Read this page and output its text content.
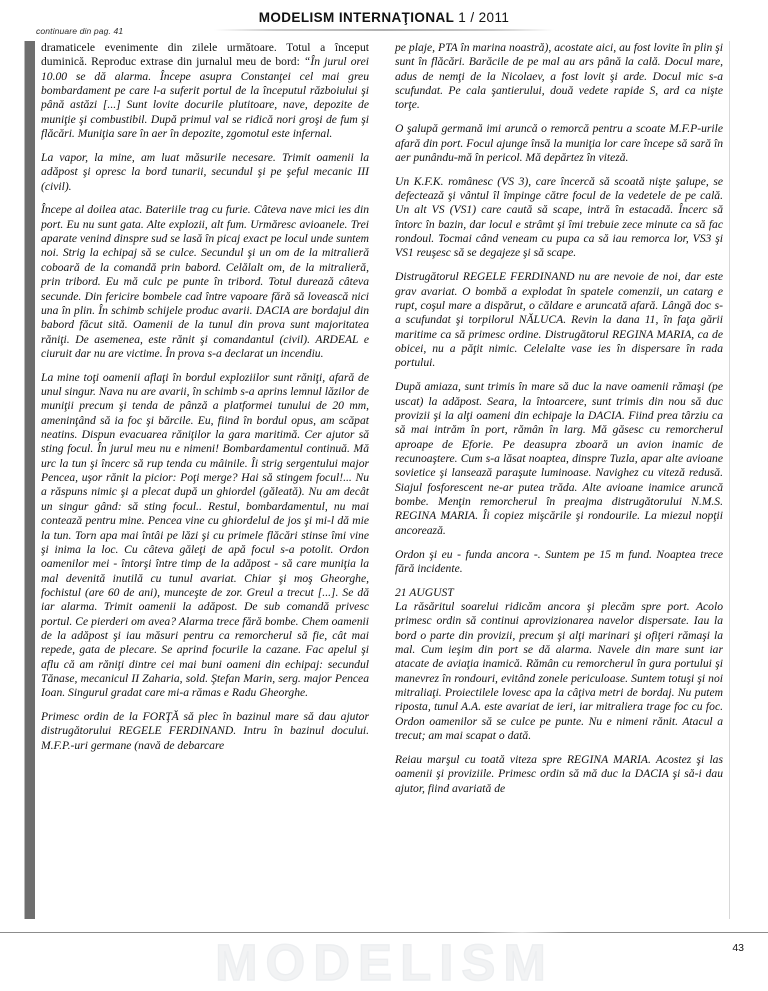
MODELISM INTERNAŢIONAL 1 / 2011
continuare din pag. 41

dramaticele evenimente din zilele următoare. Totul a început duminică. Reproduc extrase din jurnalul meu de bord: “În jurul orei 10.00 se dă alarma. Începe asupra Constanţei cel mai greu bombardament pe care l-a suferit portul de la începutul războiului şi până astăzi [...] Sunt lovite docurile plutitoare, nave, depozite de muniţie şi combustibil. După primul val se ridică nori groşi de fum şi flăcări. Muniţia sare în aer în depozite, zgomotul este infernal.

La vapor, la mine, am luat măsurile necesare. Trimit oamenii la adăpost şi opresc la bord tunarii, secundul şi pe şeful mecanic III (civil).

Începe al doilea atac. Bateriile trag cu furie. Câteva nave mici ies din port. Eu nu sunt gata. Alte explozii, alt fum. Urmăresc avioanele. Trei aparate venind dinspre sud se lasă în picaj exact pe locul unde suntem noi. Strig la echipaj să se culce. Secundul şi un om de la mitralieră coboară de la comandă prin babord. Celălalt om, de la mitralieră, prin tribord. Eu mă culc pe punte în tribord. Totul durează câteva secunde. Din fericire bombele cad între vapoare fără să lovească nici una în plin. În schimb schijele produc avarii. DACIA are bordajul din babord făcut sită. Oamenii de la tunul din prova sunt majoritatea răniţi. De asemenea, este rănit şi comandantul (civil). ARDEAL e ciuruit dar nu are victime. În prova s-a declarat un incendiu.

La mine toţi oamenii aflaţi în bordul exploziilor sunt răniţi, afară de unul singur. Nava nu are avarii, în schimb s-a aprins lemnul lăzilor de muniţii precum şi tenda de pânză a platformei tunului de 20 mm, ameninţând să ia foc şi bărcile. Eu, fiind în bordul opus, am scăpat neatins. Dispun evacuarea răniţilor la gara maritimă. Cer ajutor să sting focul. În jurul meu nu e nimeni! Bombardamentul continuă. Mă urc la tun şi încerc să rup tenda cu mâinile. Îi strig sergentului major Pencea, uşor rănit la picior: Poţi merge? Hai să stingem focul!... Nu a răspuns nimic şi a plecat după un ghiordel (găleată). Nu am decât un singur gând: să sting focul.. Restul, bombardamentul, nu mai contează pentru mine. Pencea vine cu ghiordelul de jos şi mi-l dă mie la tun. Torn apa mai întâi pe lăzi şi cu primele flăcări stinse îmi vine şi inima la loc. Cu câteva găleţi de apă focul s-a potolit. Ordon oamenilor mei - întorşi între timp de la adăpost - să care muniţia la mal devenită inutilă cu tunul avariat. Chiar şi moş Gheorghe, fochistul (are 60 de ani), munceşte de zor. Greul a trecut [...]. Se dă iar alarma. Trimit oamenii la adăpost. De sub comandă privesc portul. Ce pierderi om avea? Alarma trece fără bombe. Chem oamenii de la adăpost şi iau măsuri pentru ca remorcherul să fie, cât mai repede, gata de plecare. Se aprind focurile la cazane. Fac apelul şi aflu că am răniţi dintre cei mai buni oameni din echipaj: secundul Tănase, mecanicul II Zaharia, sold. Ştefan Marin, serg. major Pencea Ioan. Singurul gradat care mi-a rămas e Radu Gheorghe.

Primesc ordin de la FORŢĂ să plec în bazinul mare să dau ajutor distrugătorului REGELE FERDINAND. Intru în bazinul docului. M.F.P.-uri germane (navă de debarcare

pe plaje, PTA în marina noastră), acostate aici, au fost lovite în plin şi sunt în flăcări. Barăcile de pe mal au ars până la cală. Docul mare, adus de nemţi de la Nicolaev, a fost lovit şi arde. Docul mic s-a scufundat. Pe cala şantierului, două vedete rapide S, ard ca nişte torţe.

O şalupă germană imi aruncă o remorcă pentru a scoate M.F.P-urile afară din port. Focul ajunge însă la muniţia lor care începe să sară în aer punându-mă în pericol. Mă depărtez în viteză.

Un K.F.K. românesc (VS 3), care încercă să scoată nişte şalupe, se defectează şi vântul îl împinge către focul de la vedetele de pe cală. Un alt VS (VS1) care caută să scape, intră în estacadă. Încerc să întorc în bazin, dar locul e strâmt şi îmi trebuie zece minute ca să fac rondoul. Tocmai când veneam cu pupa ca să iau remorca lor, VS3 şi VS1 reuşesc să se degajeze şi să scape.

Distrugătorul REGELE FERDINAND nu are nevoie de noi, dar este grav avariat. O bombă a explodat în spatele comenzii, un catarg e rupt, coşul mare a dispărut, o căldare e aruncată afară. Lângă doc s-a scufundat şi torpilorul NĂLUCA. Revin la dana 11, în faţa gării maritime ca să primesc ordine. Distrugătorul REGINA MARIA, ca de obicei, nu a păţit nimic. Celelalte vase ies în dispersare în rada portului.

După amiaza, sunt trimis în mare să duc la nave oamenii rămaşi (pe uscat) la adăpost. Seara, la întoarcere, sunt trimis din nou să duc provizii şi la alţi oameni din echipaje la DACIA. Fiind prea târziu ca să mai intrăm în port, rămân în larg. Mă găsesc cu remorcherul aproape de Eforie. Pe deasupra zboară un avion inamic de recunoaştere. Cum s-a lăsat noaptea, dinspre Tuzla, apar alte avioane sovietice şi lansează paraşute luminoase. Navighez cu viteză redusă. Siajul fosforescent ne-ar putea trăda. Alte avioane inamice aruncă bombe. Menţin remorcherul în preajma distrugătorului N.M.S. REGINA MARIA. Îi copiez mişcările şi rondourile. La miezul nopţii ancorează.

Ordon şi eu - funda ancora -. Suntem pe 15 m fund. Noaptea trece fără incidente.

21 AUGUST

La răsăritul soarelui ridicăm ancora şi plecăm spre port. Acolo primesc ordin să continui aprovizionarea navelor dispersate. Iau la bord o parte din provizii, precum şi alţi marinari şi ofiţeri rămaşi la mal. Cum ieşim din port se dă alarma. Navele din mare sunt iar atacate de aviaţia inamică. Rămân cu remorcherul în gura portului şi manevrez în rondouri, evitând zonele periculoase. Suntem totuşi şi noi mitraliaţi. Proiectilele lovesc apa la câţiva metri de bordaj. Nu putem riposta, tunul A.A. este avariat de ieri, iar mitraliera trage foc cu foc. Ordon oamenilor să se culce pe punte. Nu e nimeni rănit. Atacul a trecut; am mai scapat o dată.

Reiau marşul cu toată viteza spre REGINA MARIA. Acostez şi las oamenii şi proviziile. Primesc ordin să mă duc la DACIA şi să-i dau ajutor, fiind avariată de

MODELISM	43
